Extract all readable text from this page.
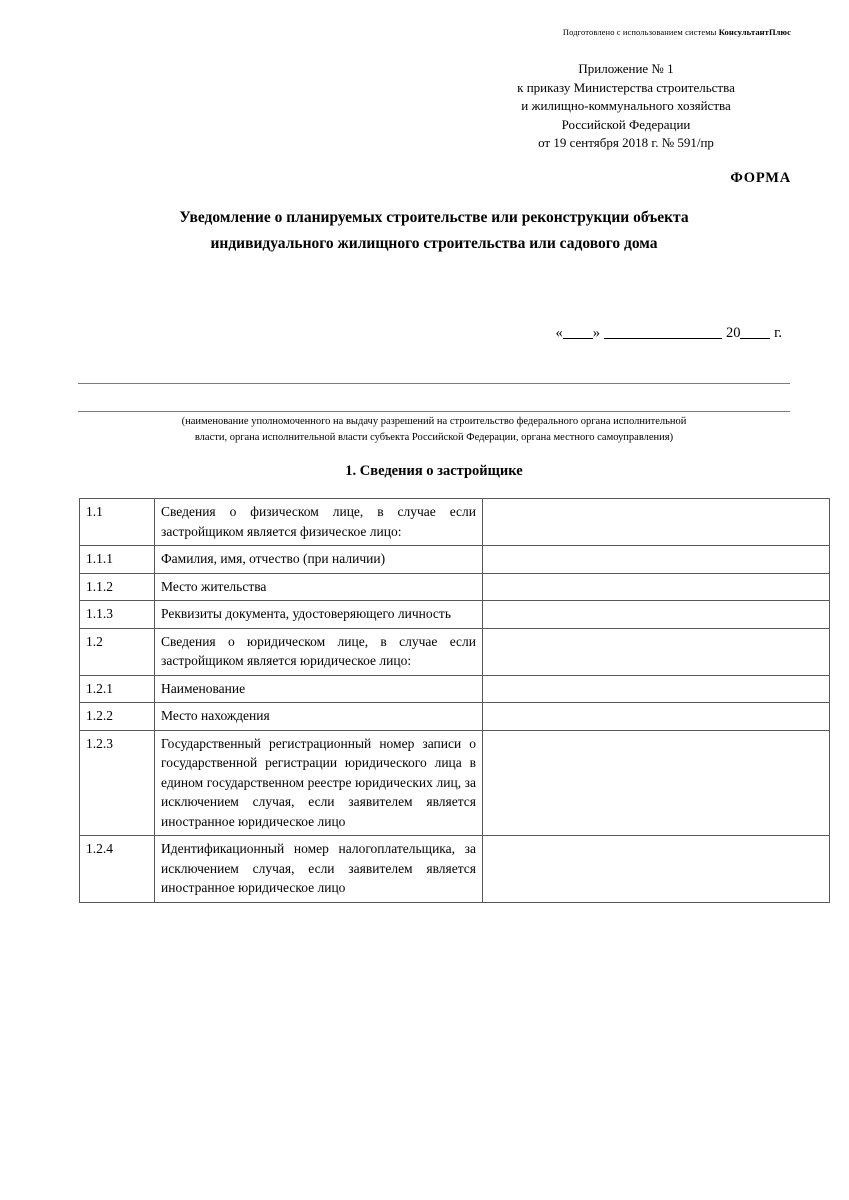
Подготовлено с использованием системы КонсультантПлюс
Приложение № 1
к приказу Министерства строительства
и жилищно-коммунального хозяйства
Российской Федерации
от 19 сентября 2018 г. № 591/пр
ФОРМА
Уведомление о планируемых строительстве или реконструкции объекта
индивидуального жилищного строительства или садового дома
« »	20 г.
(наименование уполномоченного на выдачу разрешений на строительство федерального органа исполнительной
власти, органа исполнительной власти субъекта Российской Федерации, органа местного самоуправления)
1. Сведения о застройщике
1.1	Сведения о физическом лице, в случае если застройщиком является физическое лицо:	
1.1.1	Фамилия, имя, отчество (при наличии)	
1.1.2	Место жительства	
1.1.3	Реквизиты документа, удостоверяющего личность	
1.2	Сведения о юридическом лице, в случае если застройщиком является юридическое лицо:	
1.2.1	Наименование	
1.2.2	Место нахождения	
1.2.3	Государственный регистрационный номер записи о государственной регистрации юридического лица в едином государственном реестре юридических лиц, за исключением случая, если заявителем является иностранное юридическое лицо	
1.2.4	Идентификационный номер налогоплательщика, за исключением случая, если заявителем является иностранное юридическое лицо	
